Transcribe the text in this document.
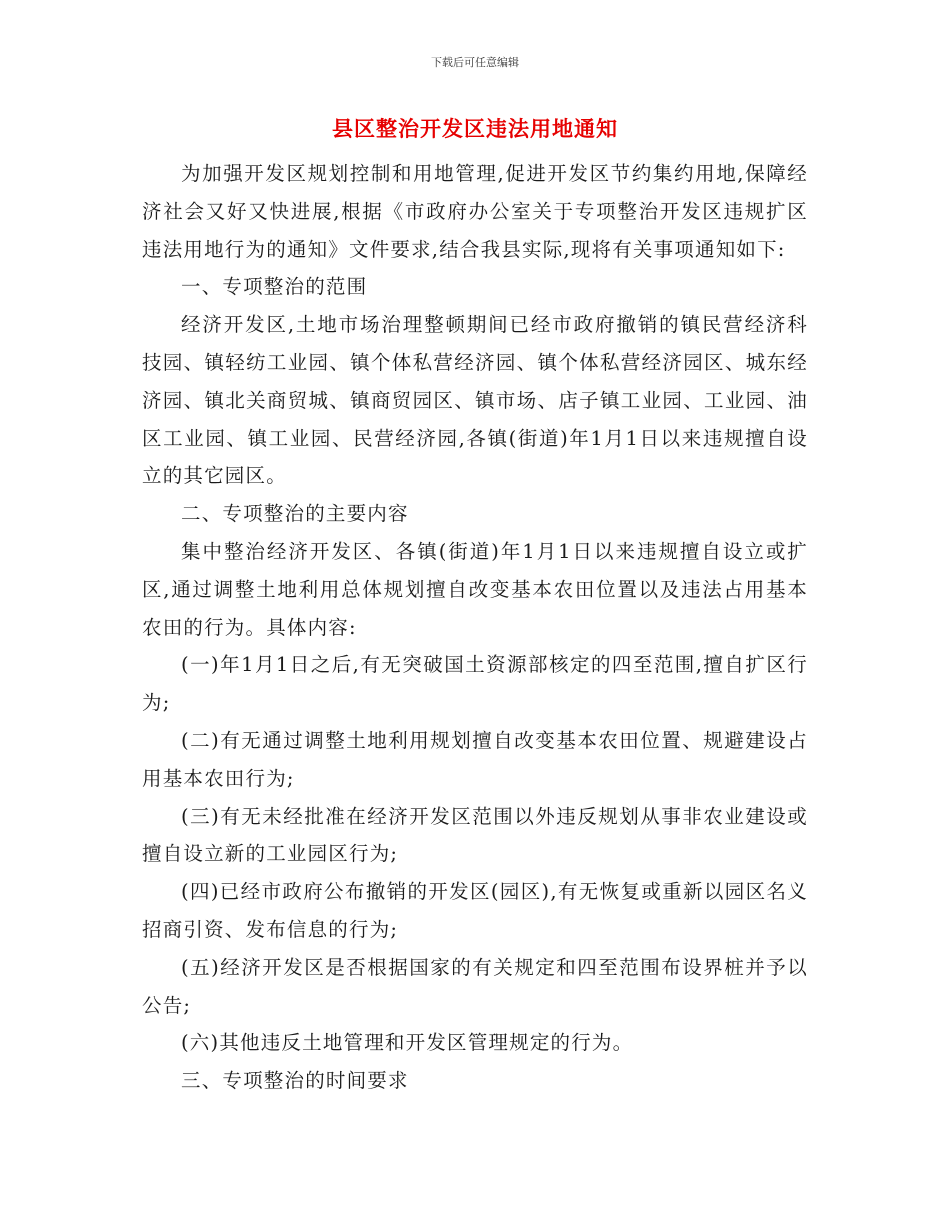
下载后可任意编辑
县区整治开发区违法用地通知

为加强开发区规划控制和用地管理,促进开发区节约集约用地,保障经济社会又好又快进展,根据《市政府办公室关于专项整治开发区违规扩区违法用地行为的通知》文件要求,结合我县实际,现将有关事项通知如下:

一、专项整治的范围

经济开发区,土地市场治理整顿期间已经市政府撤销的镇民营经济科技园、镇轻纺工业园、镇个体私营经济园、镇个体私营经济园区、城东经济园、镇北关商贸城、镇商贸园区、镇市场、店子镇工业园、工业园、油区工业园、镇工业园、民营经济园,各镇(街道)年1月1日以来违规擅自设立的其它园区。

二、专项整治的主要内容

集中整治经济开发区、各镇(街道)年1月1日以来违规擅自设立或扩区,通过调整土地利用总体规划擅自改变基本农田位置以及违法占用基本农田的行为。具体内容:

(一)年1月1日之后,有无突破国土资源部核定的四至范围,擅自扩区行为;

(二)有无通过调整土地利用规划擅自改变基本农田位置、规避建设占用基本农田行为;

(三)有无未经批准在经济开发区范围以外违反规划从事非农业建设或擅自设立新的工业园区行为;

(四)已经市政府公布撤销的开发区(园区),有无恢复或重新以园区名义招商引资、发布信息的行为;

(五)经济开发区是否根据国家的有关规定和四至范围布设界桩并予以公告;

(六)其他违反土地管理和开发区管理规定的行为。

三、专项整治的时间要求
